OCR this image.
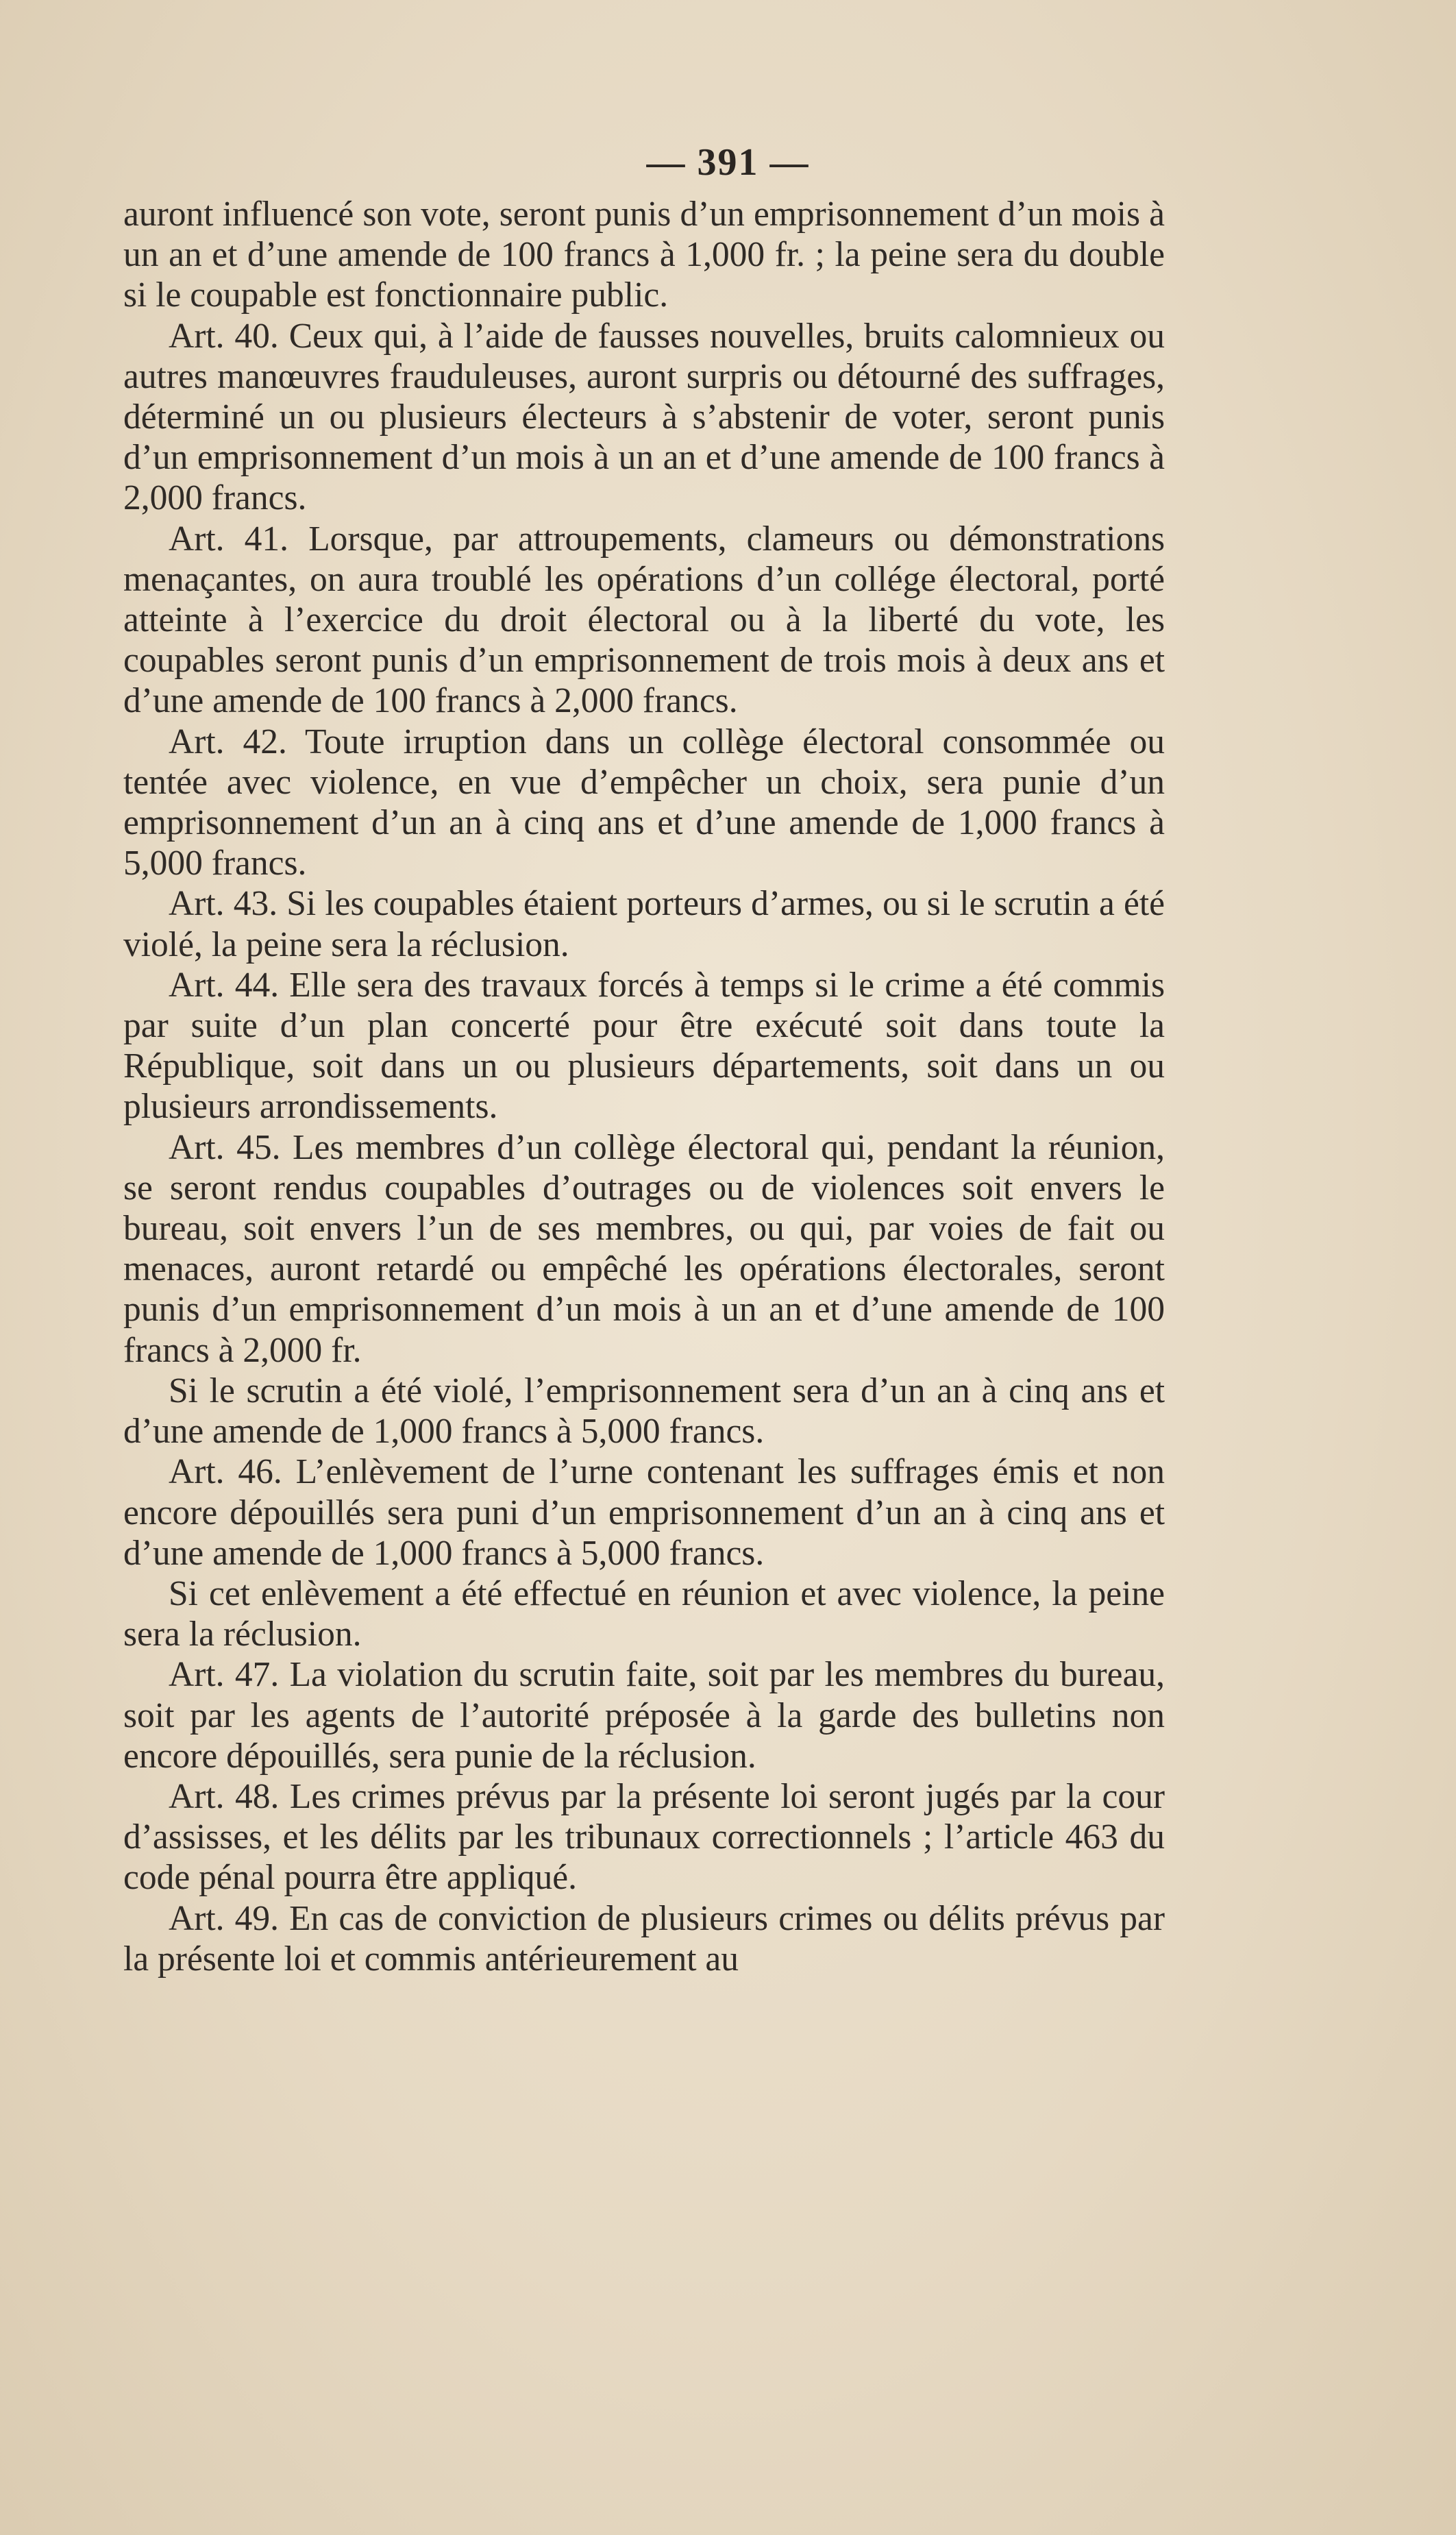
— 391 —

auront influencé son vote, seront punis d’un emprisonnement d’un mois à un an et d’une amende de 100 francs à 1,000 fr. ; la peine sera du double si le coupable est fonctionnaire public.

Art. 40. Ceux qui, à l’aide de fausses nouvelles, bruits calomnieux ou autres manœuvres frauduleuses, auront surpris ou détourné des suffrages, déterminé un ou plusieurs électeurs à s’abstenir de voter, seront punis d’un emprisonnement d’un mois à un an et d’une amende de 100 francs à 2,000 francs.

Art. 41. Lorsque, par attroupements, clameurs ou démonstrations menaçantes, on aura troublé les opérations d’un collége électoral, porté atteinte à l’exercice du droit électoral ou à la liberté du vote, les coupables seront punis d’un emprisonnement de trois mois à deux ans et d’une amende de 100 francs à 2,000 francs.

Art. 42. Toute irruption dans un collège électoral consommée ou tentée avec violence, en vue d’empêcher un choix, sera punie d’un emprisonnement d’un an à cinq ans et d’une amende de 1,000 francs à 5,000 francs.

Art. 43. Si les coupables étaient porteurs d’armes, ou si le scrutin a été violé, la peine sera la réclusion.

Art. 44. Elle sera des travaux forcés à temps si le crime a été commis par suite d’un plan concerté pour être exécuté soit dans toute la République, soit dans un ou plusieurs départements, soit dans un ou plusieurs arrondissements.

Art. 45. Les membres d’un collège électoral qui, pendant la réunion, se seront rendus coupables d’outrages ou de violences soit envers le bureau, soit envers l’un de ses membres, ou qui, par voies de fait ou menaces, auront retardé ou empêché les opérations électorales, seront punis d’un emprisonnement d’un mois à un an et d’une amende de 100 francs à 2,000 fr.

Si le scrutin a été violé, l’emprisonnement sera d’un an à cinq ans et d’une amende de 1,000 francs à 5,000 francs.

Art. 46. L’enlèvement de l’urne contenant les suffrages émis et non encore dépouillés sera puni d’un emprisonnement d’un an à cinq ans et d’une amende de 1,000 francs à 5,000 francs.

Si cet enlèvement a été effectué en réunion et avec violence, la peine sera la réclusion.

Art. 47. La violation du scrutin faite, soit par les membres du bureau, soit par les agents de l’autorité préposée à la garde des bulletins non encore dépouillés, sera punie de la réclusion.

Art. 48. Les crimes prévus par la présente loi seront jugés par la cour d’assisses, et les délits par les tribunaux correctionnels ; l’article 463 du code pénal pourra être appliqué.

Art. 49. En cas de conviction de plusieurs crimes ou délits prévus par la présente loi et commis antérieurement au
